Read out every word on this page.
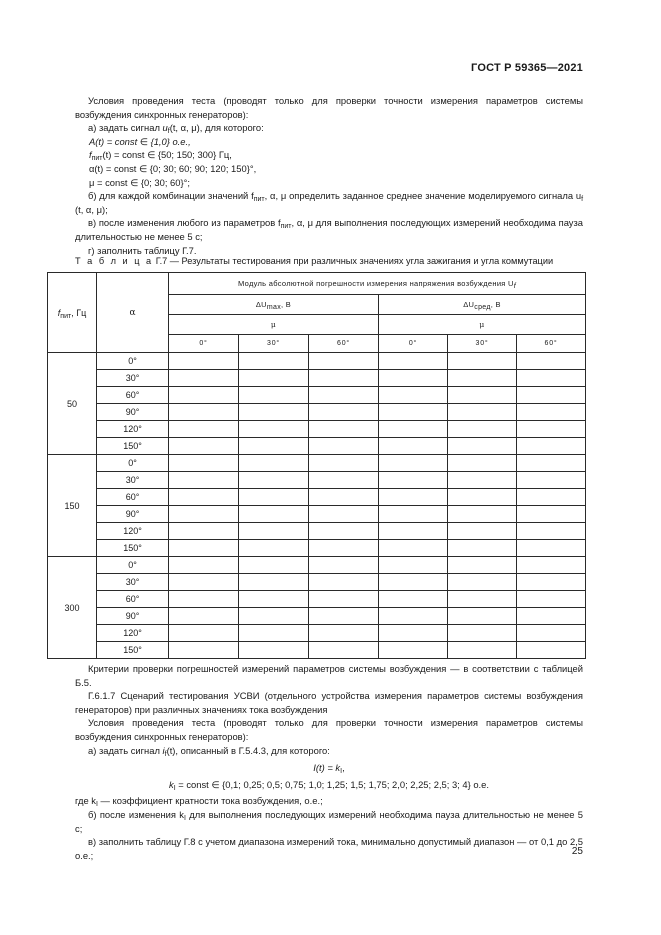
ГОСТ Р 59365—2021

Условия проведения теста (проводят только для проверки точности измерения параметров системы возбуждения синхронных генераторов):

а) задать сигнал $u_f(t$, α, μ), для которого:

A(t) = const ∈ {1,0} о.е.,

$f_{пит}(t)$ = const ∈ {50; 150; 300} Гц,

α(t) = const ∈ {0; 30; 60; 90; 120; 150}°,

μ = const ∈ {0; 30; 60}°;

б) для каждой комбинации значений $f_{пит}$, α, μ определить заданное среднее значение моделируемого сигнала $u_f$ (t, α, μ);

в) после изменения любого из параметров $f_{пит}$, α, μ для выполнения последующих измерений необходима пауза длительностью не менее 5 с;

г) заполнить таблицу Г.7.

Т а б л и ц а Г.7 — Результаты тестирования при различных значениях угла зажигания и угла коммутации
$f_{пит}$, Гц	α	Модуль абсолютной погрешности измерения напряжения возбуждения $U_f$
		$\Delta U_{max}$, В			$\Delta U_{сред}$, В		
		μ			μ		
		0°	30°	60°	0°	30°	60°
50	0°						
	30°						
	60°						
	90°						
	120°						
	150°						
150	0°						
	30°						
	60°						
	90°						
	120°						
	150°						
300	0°						
	30°						
	60°						
	90°						
	120°						
	150°						

Критерии проверки погрешностей измерений параметров системы возбуждения — в соответствии с таблицей Б.5.

Г.6.1.7 Сценарий тестирования УСВИ (отдельного устройства измерения параметров системы возбуждения генераторов) при различных значениях тока возбуждения

Условия проведения теста (проводят только для проверки точности измерения параметров системы возбуждения синхронных генераторов):

а) задать сигнал $i_f(t)$, описанный в Г.5.4.3, для которого:

$I(t) = k_I$,

$k_I$ = const ∈ {0,1; 0,25; 0,5; 0,75; 1,0; 1,25; 1,5; 1,75; 2,0; 2,25; 2,5; 3; 4} о.е.

где $k_I$ — коэффициент кратности тока возбуждения, о.е.;

б) после изменения $k_I$ для выполнения последующих измерений необходима пауза длительностью не менее 5 с;

в) заполнить таблицу Г.8 с учетом диапазона измерений тока, минимально допустимый диапазон — от 0,1 до 2,5 о.е.;	25
